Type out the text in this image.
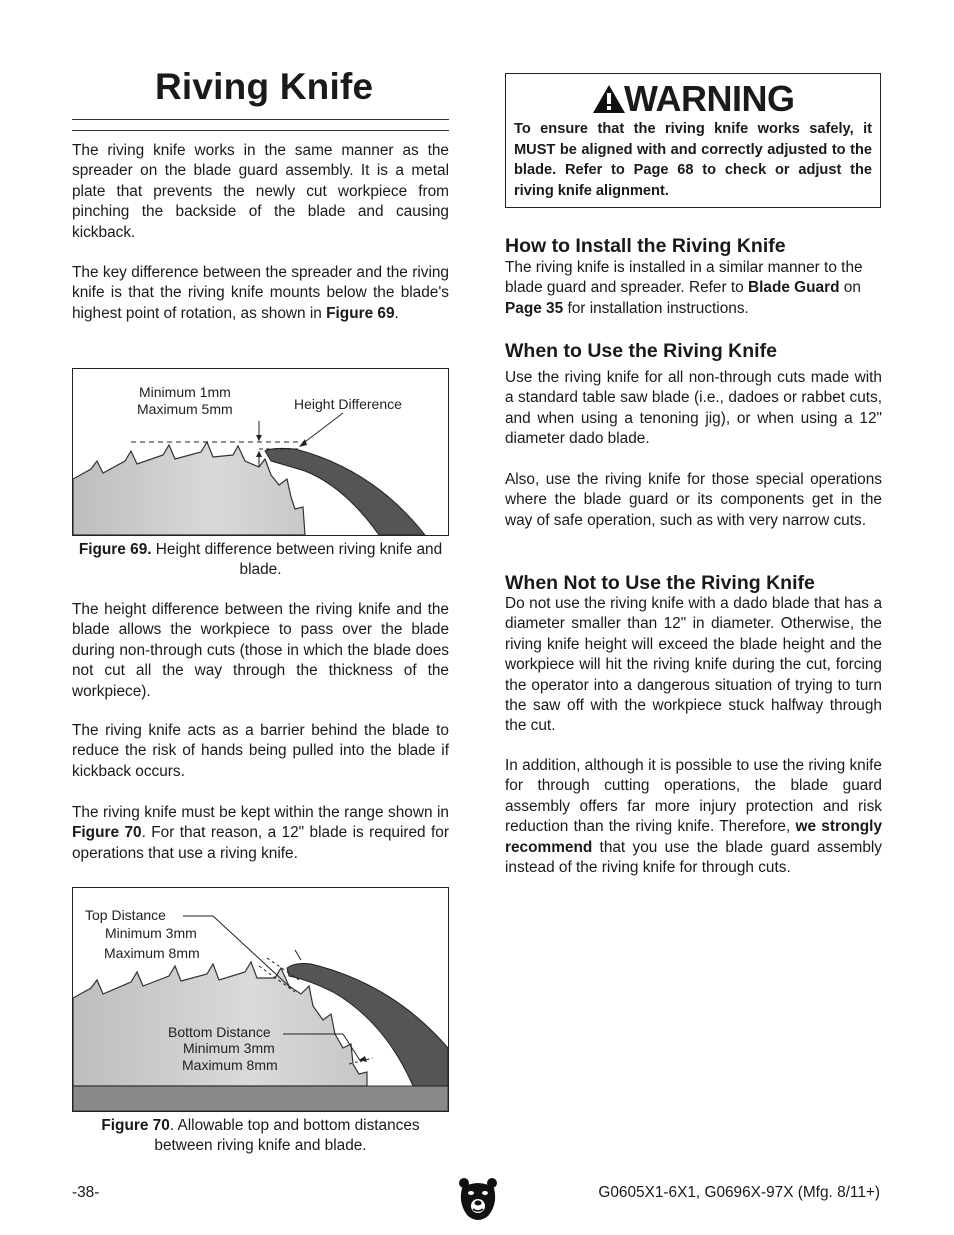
Riving Knife

The riving knife works in the same manner as the spreader on the blade guard assembly. It is a metal plate that prevents the newly cut workpiece from pinching the backside of the blade and causing kickback.

The key difference between the spreader and the riving knife is that the riving knife mounts below the blade's highest point of rotation, as shown in Figure 69.

Minimum 1mm
Maximum 5mm	Height Difference
Figure 69. Height difference between riving knife and blade.

The height difference between the riving knife and the blade allows the workpiece to pass over the blade during non-through cuts (those in which the blade does not cut all the way through the thickness of the workpiece).

The riving knife acts as a barrier behind the blade to reduce the risk of hands being pulled into the blade if kickback occurs.

The riving knife must be kept within the range shown in Figure 70. For that reason, a 12" blade is required for operations that use a riving knife.

Top Distance
Minimum 3mm
Maximum 8mm
Bottom Distance
Minimum 3mm
Maximum 8mm
Figure 70. Allowable top and bottom distances between riving knife and blade.
WARNING
To ensure that the riving knife works safely, it MUST be aligned with and correctly adjusted to the blade. Refer to Page 68 to check or adjust the riving knife alignment.
How to Install the Riving Knife

The riving knife is installed in a similar manner to the blade guard and spreader. Refer to Blade Guard on Page 35 for installation instructions.

When to Use the Riving Knife

Use the riving knife for all non-through cuts made with a standard table saw blade (i.e., dadoes or rabbet cuts, and when using a tenoning jig), or when using a 12" diameter dado blade.

Also, use the riving knife for those special operations where the blade guard or its components get in the way of safe operation, such as with very narrow cuts.

When Not to Use the Riving Knife

Do not use the riving knife with a dado blade that has a diameter smaller than 12" in diameter. Otherwise, the riving knife height will exceed the blade height and the workpiece will hit the riving knife during the cut, forcing the operator into a dangerous situation of trying to turn the saw off with the workpiece stuck halfway through the cut.

In addition, although it is possible to use the riving knife for through cutting operations, the blade guard assembly offers far more injury protection and risk reduction than the riving knife. Therefore, we strongly recommend that you use the blade guard assembly instead of the riving knife for through cuts.

-38-	G0605X1-6X1, G0696X-97X (Mfg. 8/11+)
